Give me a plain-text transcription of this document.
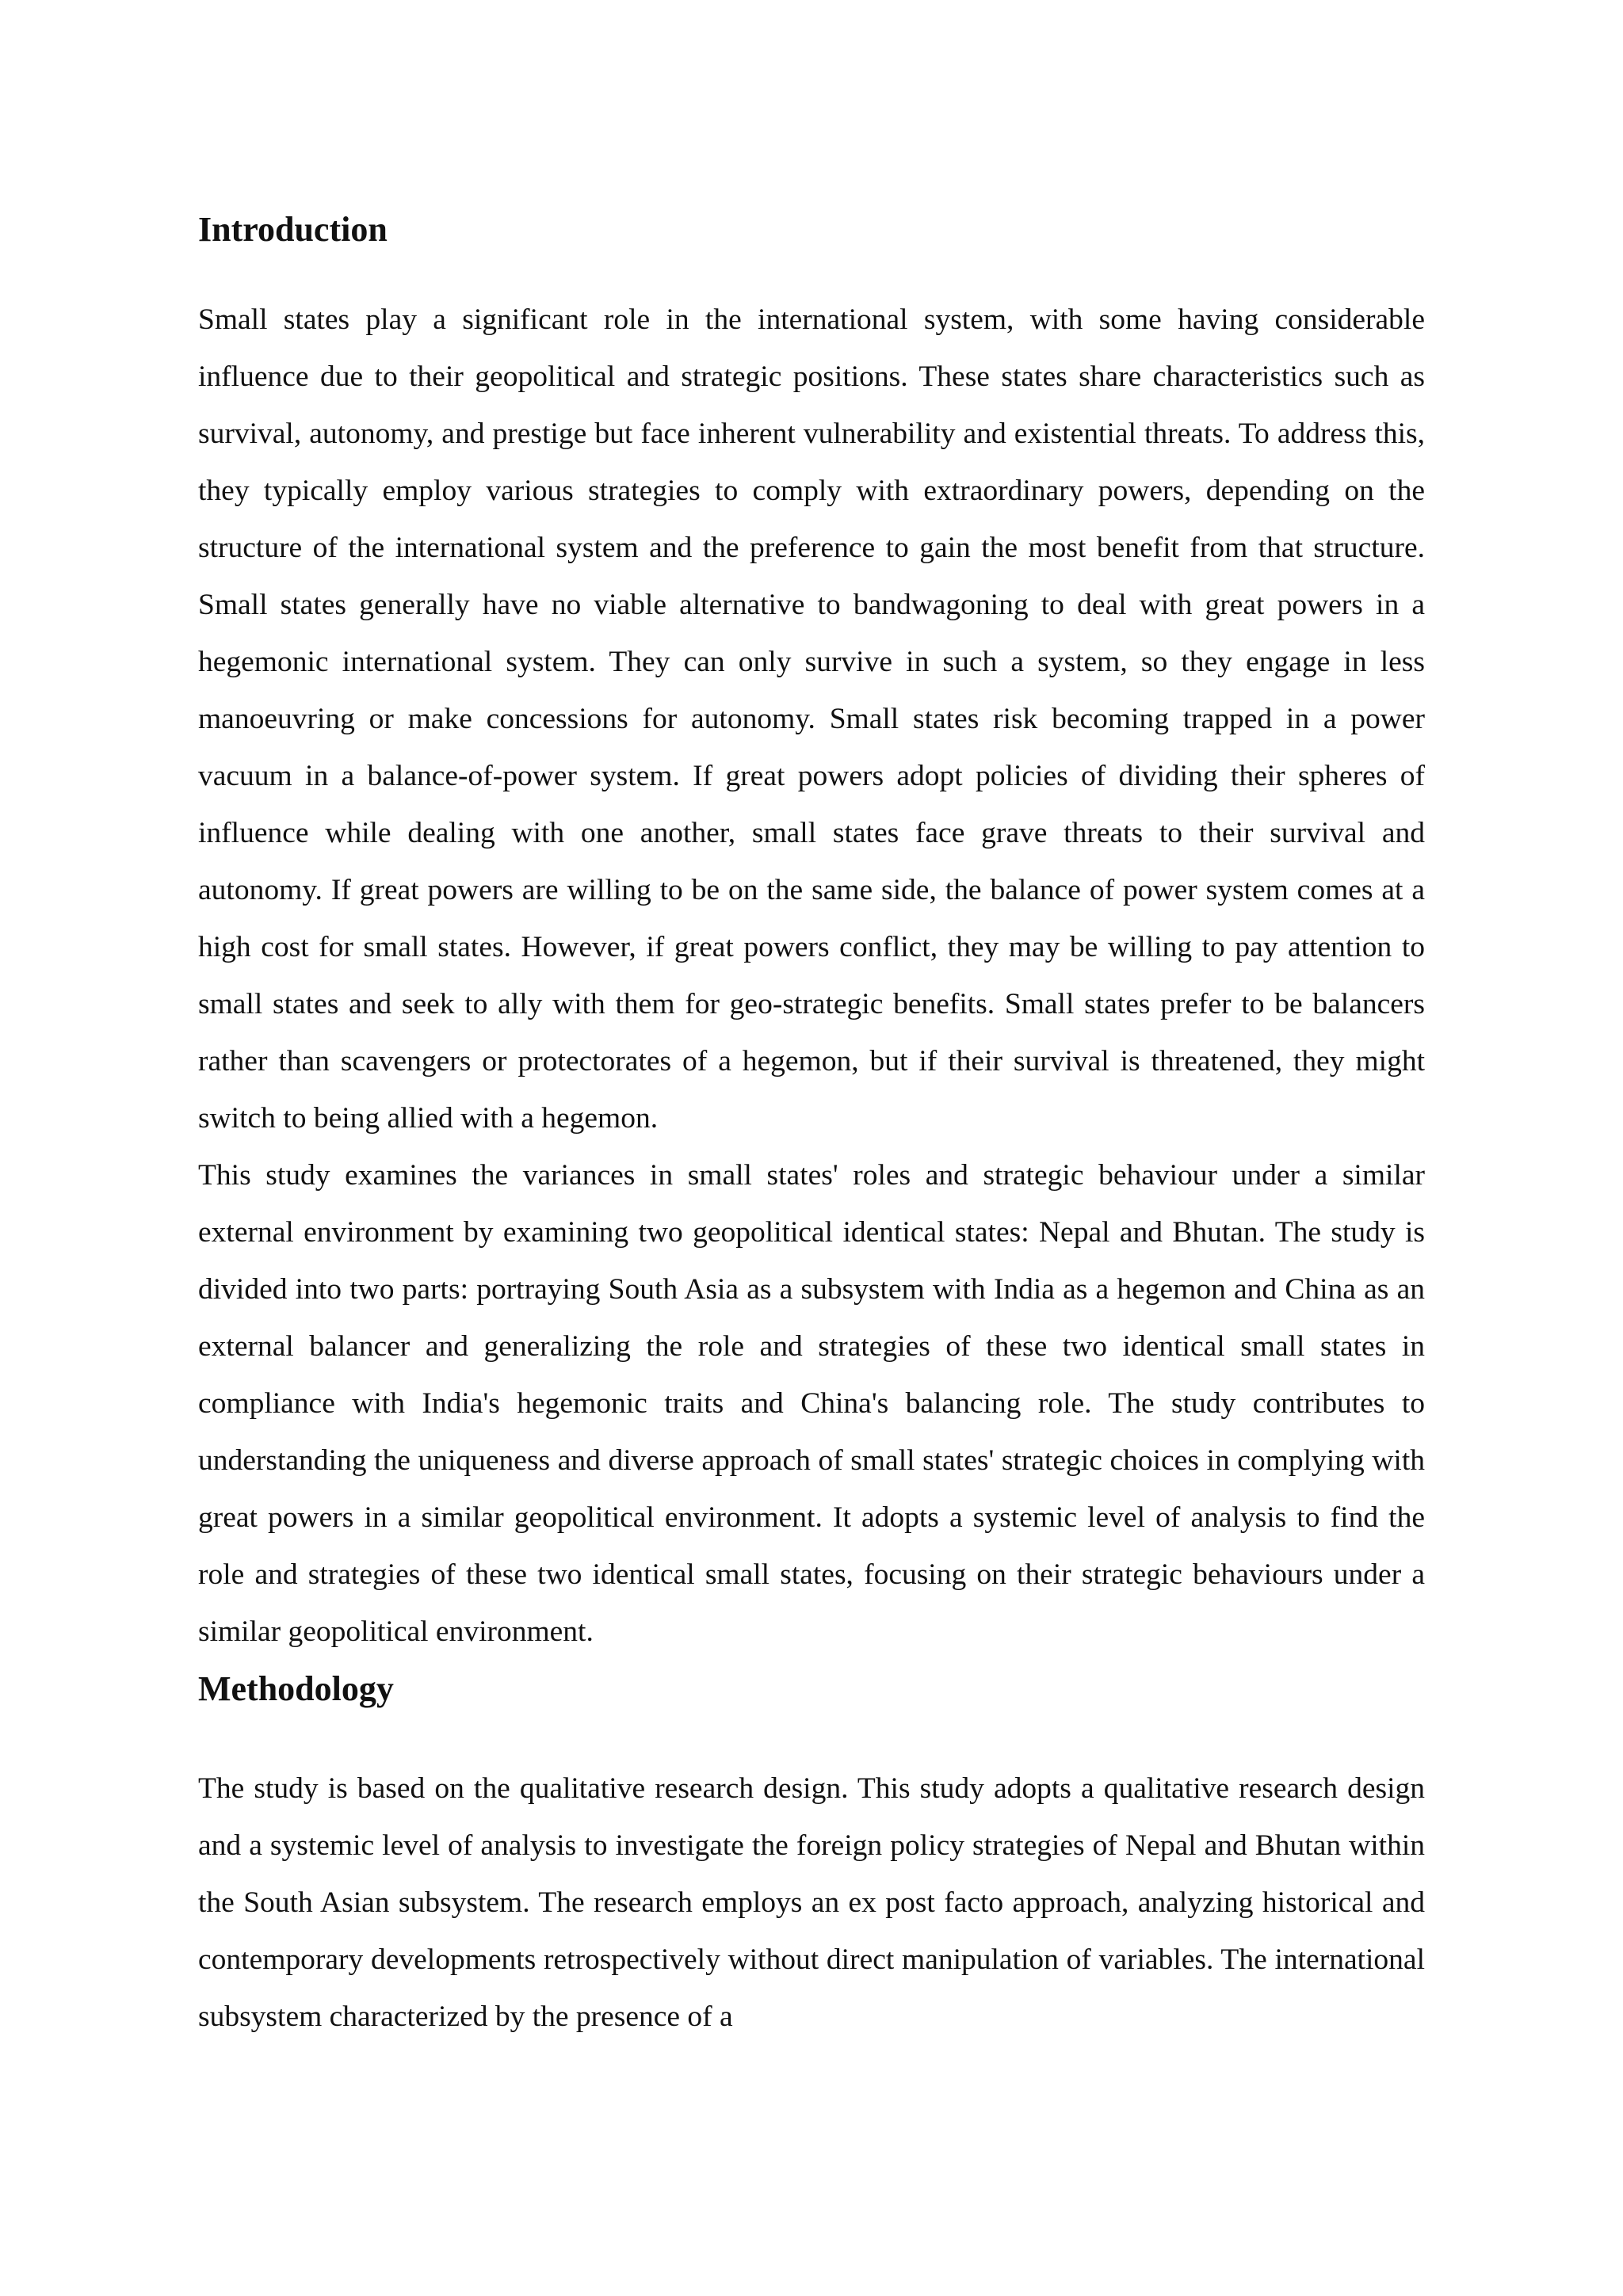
Introduction

Small states play a significant role in the international system, with some having considerable influence due to their geopolitical and strategic positions. These states share characteristics such as survival, autonomy, and prestige but face inherent vulnerability and existential threats. To address this, they typically employ various strategies to comply with extraordinary powers, depending on the structure of the international system and the preference to gain the most benefit from that structure. Small states generally have no viable alternative to bandwagoning to deal with great powers in a hegemonic international system. They can only survive in such a system, so they engage in less manoeuvring or make concessions for autonomy. Small states risk becoming trapped in a power vacuum in a balance-of-power system. If great powers adopt policies of dividing their spheres of influence while dealing with one another, small states face grave threats to their survival and autonomy. If great powers are willing to be on the same side, the balance of power system comes at a high cost for small states. However, if great powers conflict, they may be willing to pay attention to small states and seek to ally with them for geo-strategic benefits. Small states prefer to be balancers rather than scavengers or protectorates of a hegemon, but if their survival is threatened, they might switch to being allied with a hegemon.

This study examines the variances in small states' roles and strategic behaviour under a similar external environment by examining two geopolitical identical states: Nepal and Bhutan. The study is divided into two parts: portraying South Asia as a subsystem with India as a hegemon and China as an external balancer and generalizing the role and strategies of these two identical small states in compliance with India's hegemonic traits and China's balancing role. The study contributes to understanding the uniqueness and diverse approach of small states' strategic choices in complying with great powers in a similar geopolitical environment. It adopts a systemic level of analysis to find the role and strategies of these two identical small states, focusing on their strategic behaviours under a similar geopolitical environment.

Methodology

The study is based on the qualitative research design. This study adopts a qualitative research design and a systemic level of analysis to investigate the foreign policy strategies of Nepal and Bhutan within the South Asian subsystem. The research employs an ex post facto approach, analyzing historical and contemporary developments retrospectively without direct manipulation of variables. The international subsystem characterized by the presence of a
